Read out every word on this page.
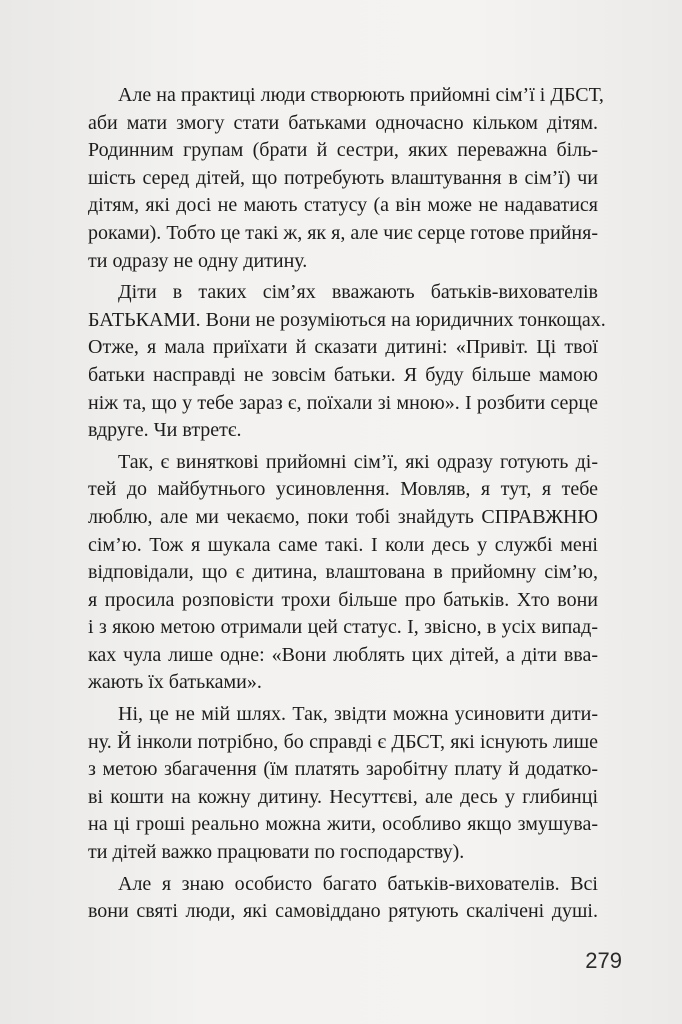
Але на практиці люди створюють прийомні сім’ї і ДБСТ,
аби мати змогу стати батьками одночасно кільком дітям.
Родинним групам (брати й сестри, яких переважна біль-
шість серед дітей, що потребують влаштування в сім’ї) чи
дітям, які досі не мають статусу (а він може не надаватися
роками). Тобто це такі ж, як я, але чиє серце готове прийня-
ти одразу не одну дитину.
Діти в таких сім’ях вважають батьків-вихователів
БАТЬКАМИ. Вони не розуміються на юридичних тонкощах.
Отже, я мала приїхати й сказати дитині: «Привіт. Ці твої
батьки насправді не зовсім батьки. Я буду більше мамою
ніж та, що у тебе зараз є, поїхали зі мною». І розбити серце
вдруге. Чи втретє.
Так, є виняткові прийомні сім’ї, які одразу готують ді-
тей до майбутнього усиновлення. Мовляв, я тут, я тебе
люблю, але ми чекаємо, поки тобі знайдуть СПРАВЖНЮ
сім’ю. Тож я шукала саме такі. І коли десь у службі мені
відповідали, що є дитина, влаштована в прийомну сім’ю,
я просила розповісти трохи більше про батьків. Хто вони
і з якою метою отримали цей статус. І, звісно, в усіх випад-
ках чула лише одне: «Вони люблять цих дітей, а діти вва-
жають їх батьками».
Ні, це не мій шлях. Так, звідти можна усиновити дити-
ну. Й інколи потрібно, бо справді є ДБСТ, які існують лише
з метою збагачення (їм платять заробітну плату й додатко-
ві кошти на кожну дитину. Несуттєві, але десь у глибинці
на ці гроші реально можна жити, особливо якщо змушува-
ти дітей важко працювати по господарству).
Але я знаю особисто багато батьків-вихователів. Всі
вони святі люди, які самовіддано рятують скалічені душі.
279
